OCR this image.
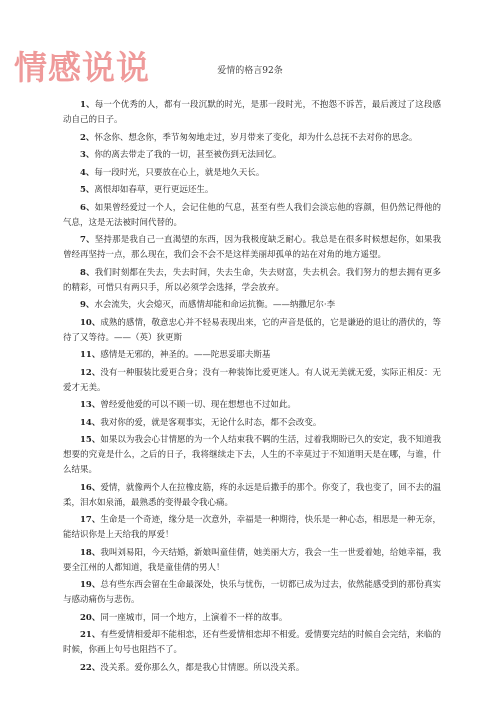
情感说说	爱情的格言92条

1、每一个优秀的人，都有一段沉默的时光，是那一段时光，不抱怨不诉苦，最后渡过了这段感动自己的日子。

2、怀念你、想念你，季节匆匆地走过，岁月带来了变化，却为什么总抚不去对你的思念。

3、你的离去带走了我的一切，甚至被伤到无法回忆。

4、每一段时光，只要放在心上，就是地久天长。

5、离恨却如春草，更行更远还生。

6、如果曾经爱过一个人，会记住他的气息，甚至有些人我们会淡忘他的容颜，但仍然记得他的气息，这是无法被时间代替的。

7、坚持那是我自己一直渴望的东西，因为我极度缺乏耐心。我总是在很多时候想起你，如果我曾经再坚持一点，那么现在，我们会不会不是这样美丽却孤单的站在对角的地方遥望。

8、我们时刻都在失去，失去时间，失去生命，失去财富，失去机会。我们努力的想去拥有更多的精彩，可惜只有两只手，所以必须学会选择，学会放弃。

9、水会流失，火会熄灭，而感情却能和命运抗衡。——纳撒尼尔·李

10、成熟的感情，敬意忠心并不轻易表现出来，它的声音是低的，它是谦逊的退让的潜伏的，等待了又等待。——（英）狄更斯

11、感情是无邪的，神圣的。——陀思妥耶夫斯基

12、没有一种服装比爱更合身；没有一种装饰比爱更迷人。有人说无美就无爱，实际正相反：无爱才无美。

13、曾经爱他爱的可以不顾一切、现在想想也不过如此。

14、我对你的爱，就是客观事实，无论什么时态，都不会改变。

15、如果以为我会心甘情愿的为一个人结束我不羁的生活，过着我期盼已久的安定，我不知道我想要的究竟是什么，之后的日子，我将继续走下去，人生的不幸莫过于不知道明天是在哪，与谁，什么结果。

16、爱情，就像两个人在拉橡皮筋，疼的永远是后撒手的那个。你变了，我也变了，回不去的温柔，泪水如泉涌，最熟悉的变得最令我心痛。

17、生命是一个奇迹，缘分是一次意外，幸福是一种期待，快乐是一种心态，相思是一种无奈，能结识你是上天给我的厚爱！

18、我叫刘易阳，今天结婚，新娘叫童佳倩，她美丽大方，我会一生一世爱着她，给她幸福，我要全江州的人都知道，我是童佳倩的男人！

19、总有些东西会留在生命最深处，快乐与忧伤，一切都已成为过去，依然能感受到的那份真实与感动痛伤与悲伤。

20、同一座城市，同一个地方，上演着不一样的故事。

21、有些爱情相爱却不能相恋，还有些爱情相恋却不相爱。爱情要完结的时候自会完结，来临的时候，你画上句号也阻挡不了。

22、没关系。爱你那么久，都是我心甘情愿。所以没关系。
